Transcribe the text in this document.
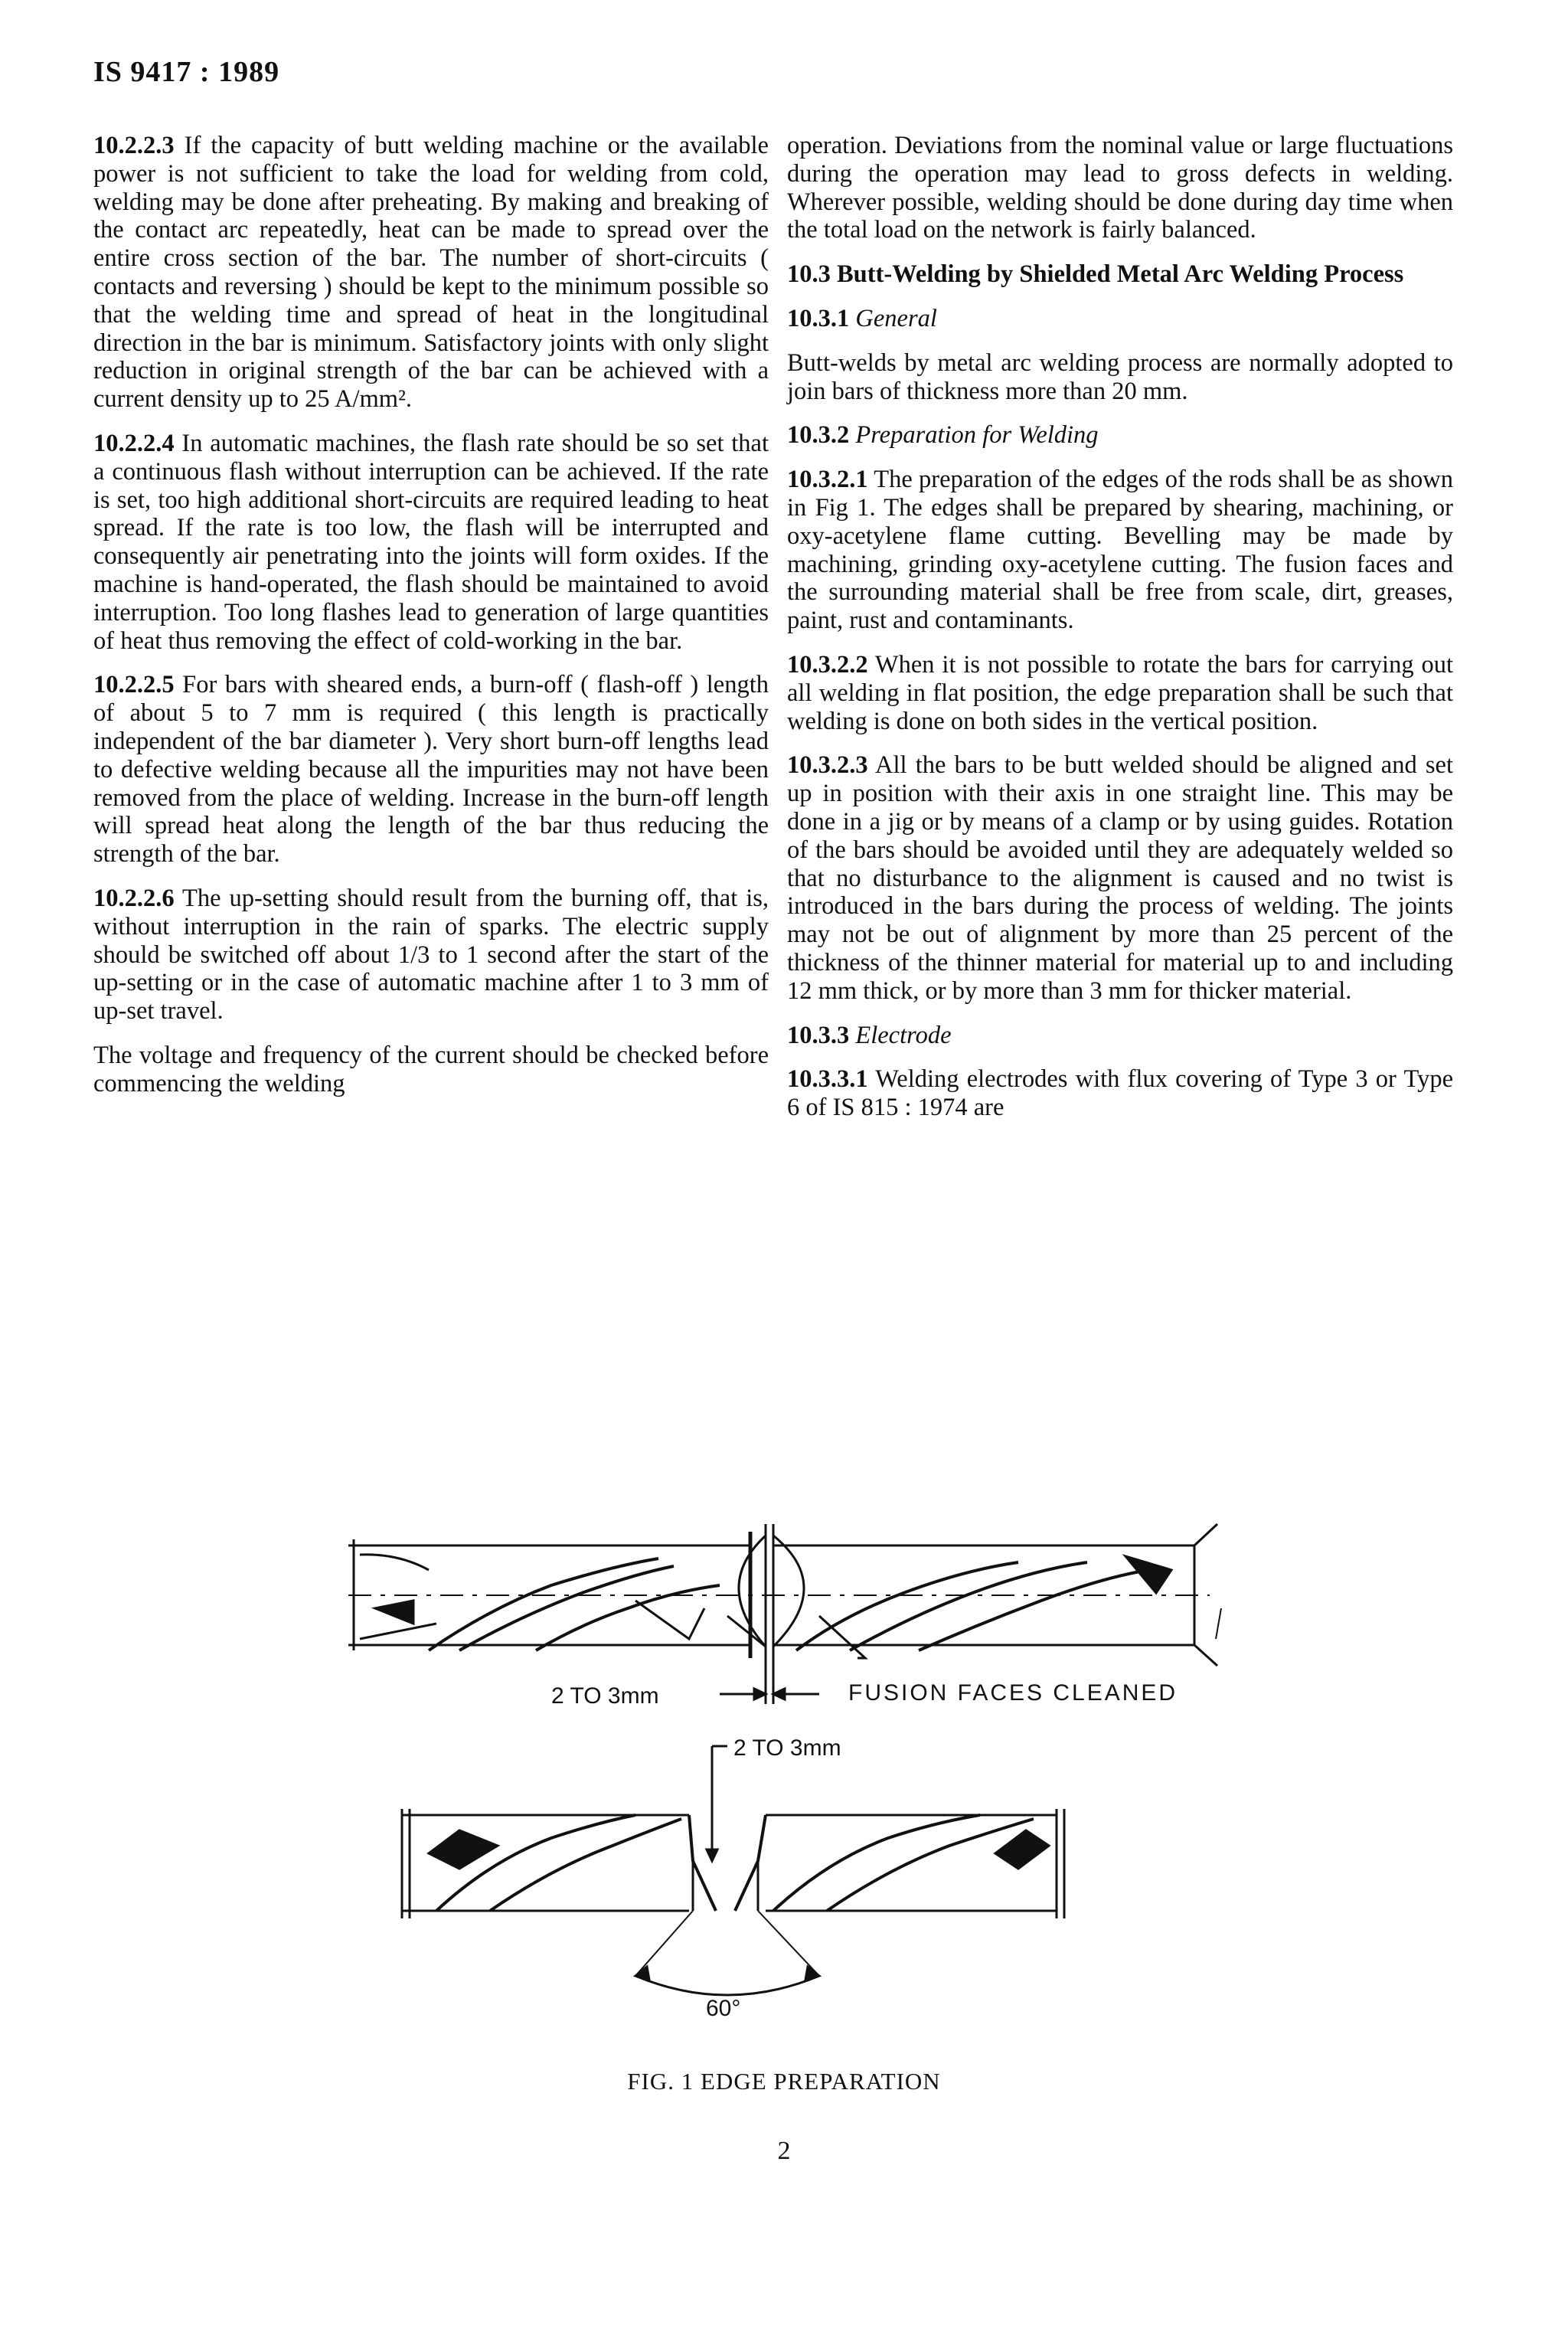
IS 9417 : 1989

10.2.2.3 If the capacity of butt welding machine or the available power is not sufficient to take the load for welding from cold, welding may be done after preheating. By making and breaking of the contact arc repeatedly, heat can be made to spread over the entire cross section of the bar. The number of short-circuits ( contacts and reversing ) should be kept to the minimum possible so that the welding time and spread of heat in the longitudinal direction in the bar is minimum. Satisfactory joints with only slight reduction in original strength of the bar can be achieved with a current density up to 25 A/mm².

10.2.2.4 In automatic machines, the flash rate should be so set that a continuous flash without interruption can be achieved. If the rate is set, too high additional short-circuits are required leading to heat spread. If the rate is too low, the flash will be interrupted and consequently air penetrating into the joints will form oxides. If the machine is hand-operated, the flash should be maintained to avoid interruption. Too long flashes lead to generation of large quantities of heat thus removing the effect of cold-working in the bar.

10.2.2.5 For bars with sheared ends, a burn-off ( flash-off ) length of about 5 to 7 mm is required ( this length is practically independent of the bar diameter ). Very short burn-off lengths lead to defective welding because all the impurities may not have been removed from the place of welding. Increase in the burn-off length will spread heat along the length of the bar thus reducing the strength of the bar.

10.2.2.6 The up-setting should result from the burning off, that is, without interruption in the rain of sparks. The electric supply should be switched off about 1/3 to 1 second after the start of the up-setting or in the case of automatic machine after 1 to 3 mm of up-set travel.

The voltage and frequency of the current should be checked before commencing the welding

operation. Deviations from the nominal value or large fluctuations during the operation may lead to gross defects in welding. Wherever possible, welding should be done during day time when the total load on the network is fairly balanced.

10.3 Butt-Welding by Shielded Metal Arc Welding Process

10.3.1 General

Butt-welds by metal arc welding process are normally adopted to join bars of thickness more than 20 mm.

10.3.2 Preparation for Welding

10.3.2.1 The preparation of the edges of the rods shall be as shown in Fig 1. The edges shall be prepared by shearing, machining, or oxy-acetylene flame cutting. Bevelling may be made by machining, grinding oxy-acetylene cutting. The fusion faces and the surrounding material shall be free from scale, dirt, greases, paint, rust and contaminants.

10.3.2.2 When it is not possible to rotate the bars for carrying out all welding in flat position, the edge preparation shall be such that welding is done on both sides in the vertical position.

10.3.2.3 All the bars to be butt welded should be aligned and set up in position with their axis in one straight line. This may be done in a jig or by means of a clamp or by using guides. Rotation of the bars should be avoided until they are adequately welded so that no disturbance to the alignment is caused and no twist is introduced in the bars during the process of welding. The joints may not be out of alignment by more than 25 percent of the thickness of the thinner material for material up to and including 12 mm thick, or by more than 3 mm for thicker material.

10.3.3 Electrode

10.3.3.1 Welding electrodes with flux covering of Type 3 or Type 6 of IS 815 : 1974 are

2 TO 3mm	FUSION FACES CLEANED
2 TO 3mm
60°
FIG. 1 EDGE PREPARATION
2
